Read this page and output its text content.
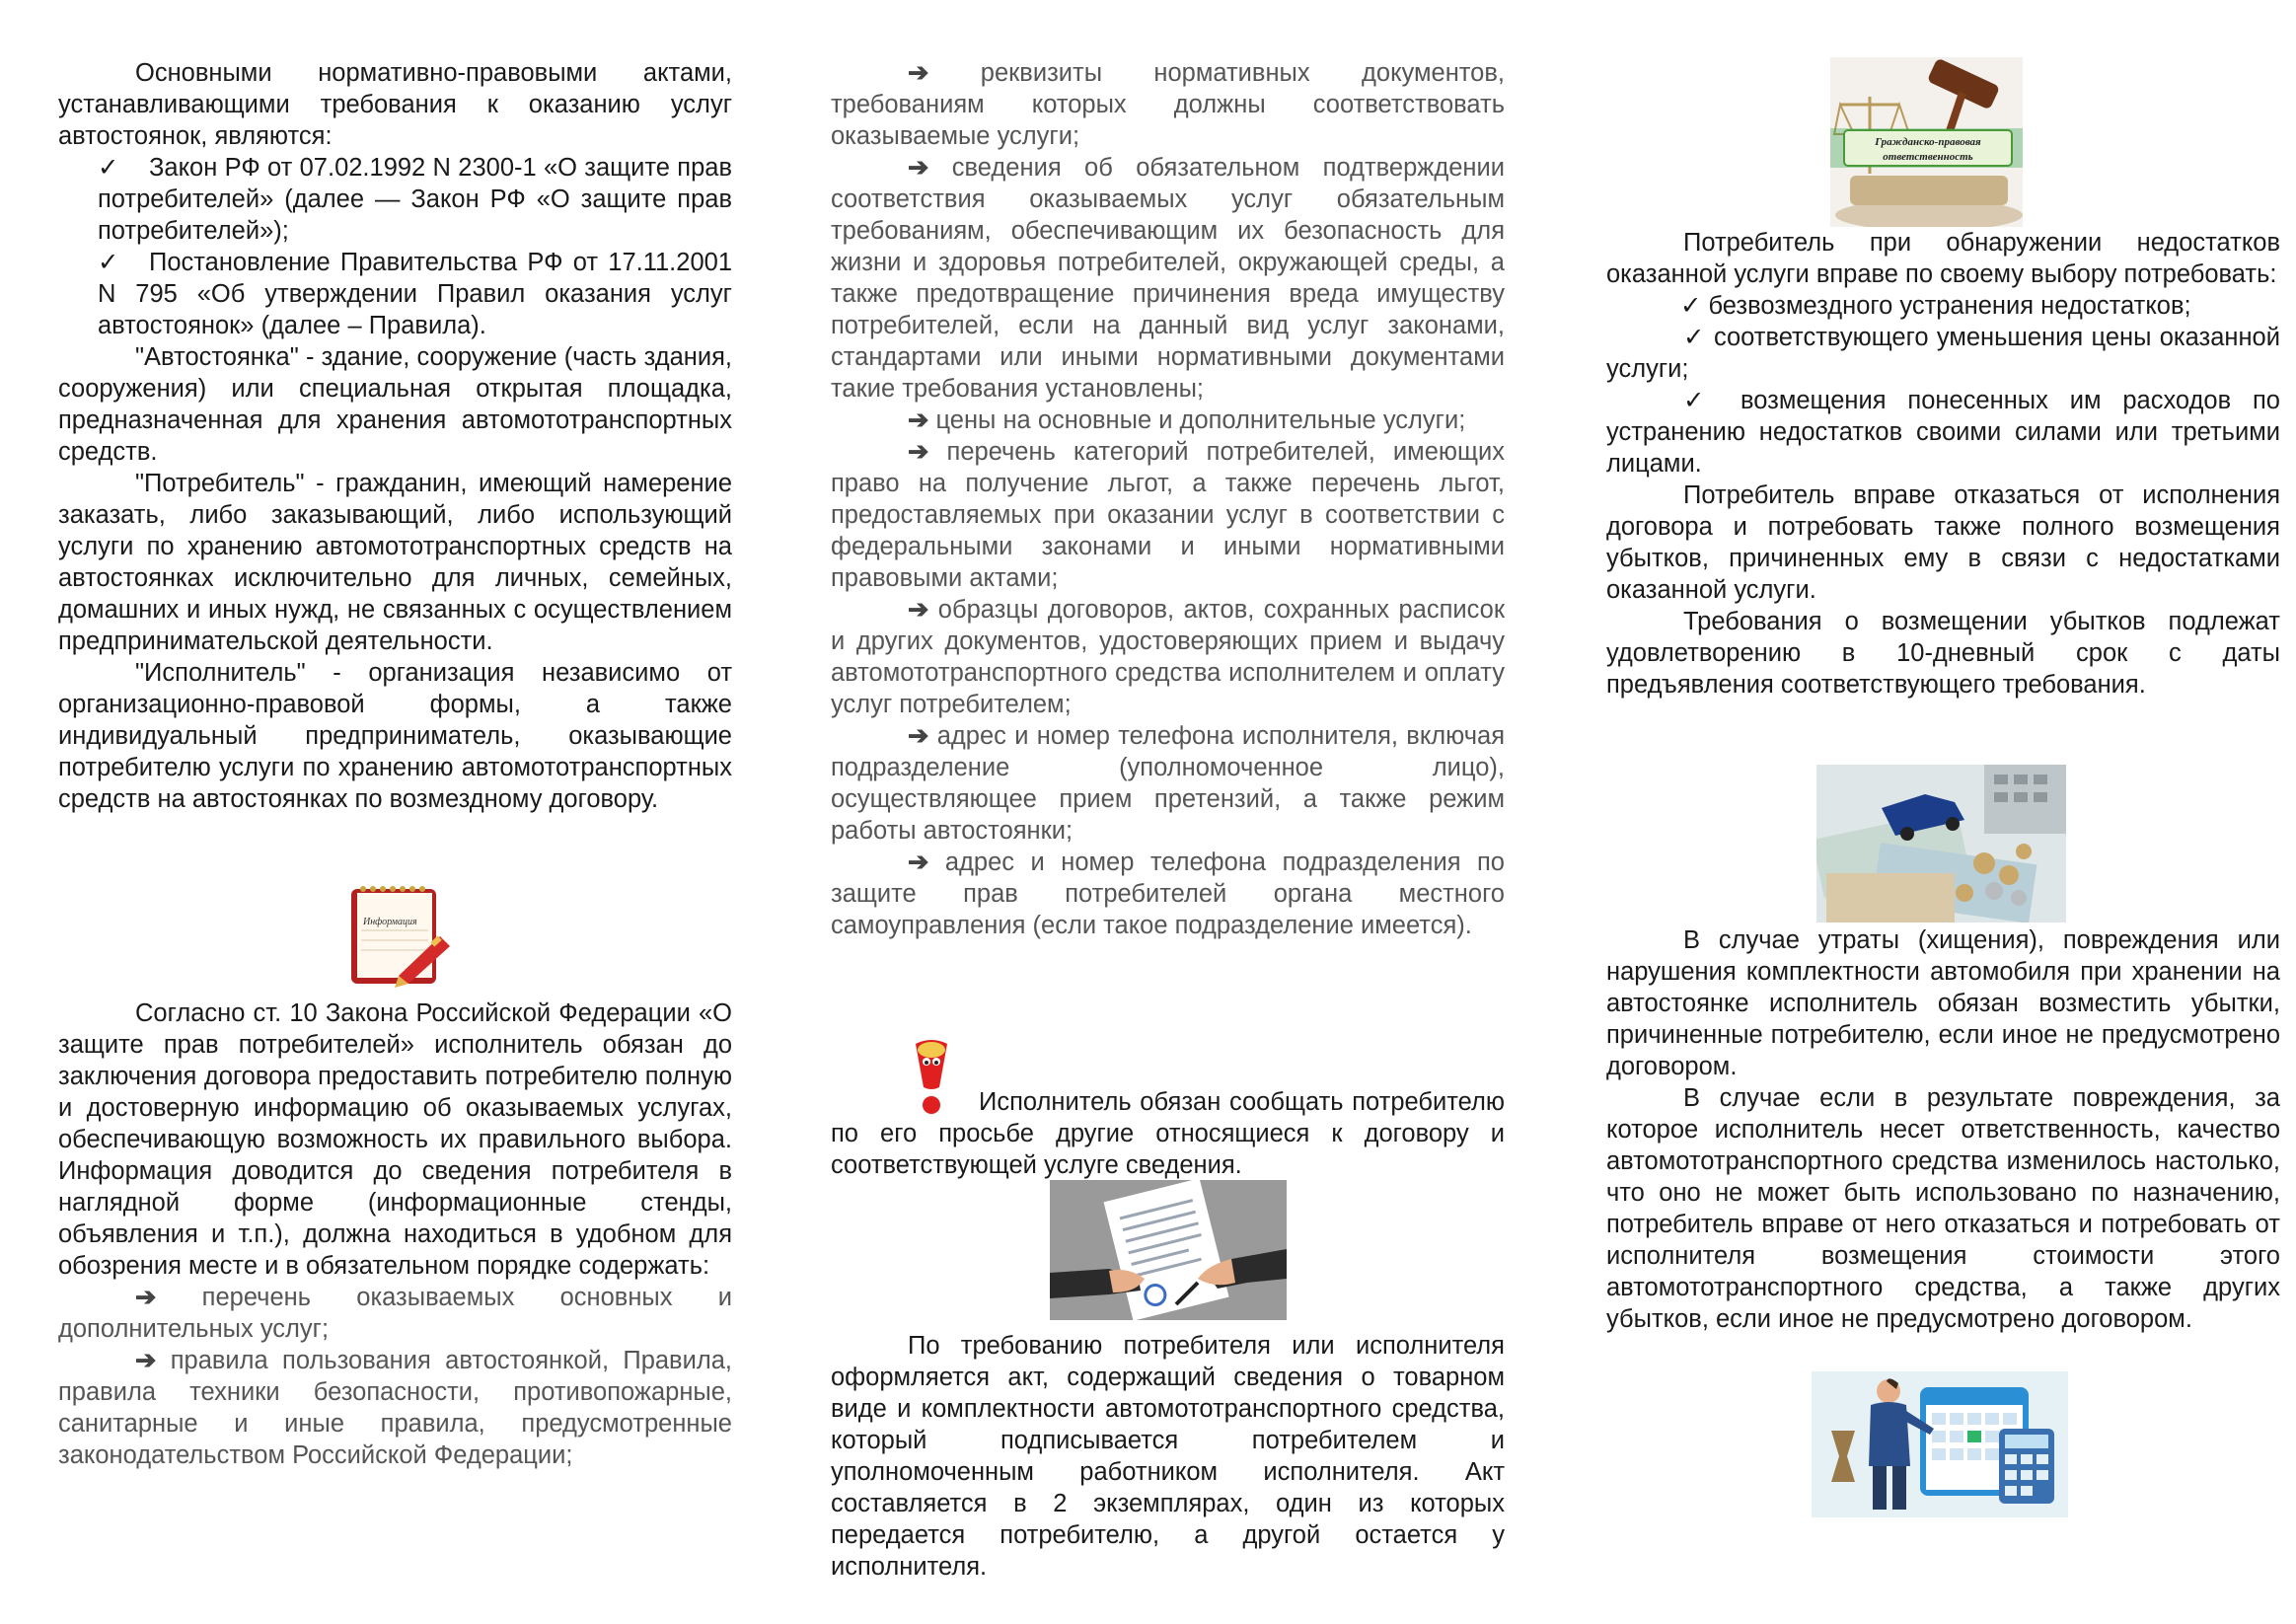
Основными нормативно-правовыми актами, устанавливающими требования к оказанию услуг автостоянок, являются:

✓ Закон РФ от 07.02.1992 N 2300-1 «О защите прав потребителей» (далее — Закон РФ «О защите прав потребителей»);

✓ Постановление Правительства РФ от 17.11.2001 N 795 «Об утверждении Правил оказания услуг автостоянок» (далее – Правила).

"Автостоянка" - здание, сооружение (часть здания, сооружения) или специальная открытая площадка, предназначенная для хранения автомототранспортных средств.

"Потребитель" - гражданин, имеющий намерение заказать, либо заказывающий, либо использующий услуги по хранению автомототранспортных средств на автостоянках исключительно для личных, семейных, домашних и иных нужд, не связанных с осуществлением предпринимательской деятельности.

"Исполнитель" - организация независимо от организационно-правовой формы, а также индивидуальный предприниматель, оказывающие потребителю услуги по хранению автомототранспортных средств на автостоянках по возмездному договору.

Информация

Согласно ст. 10 Закона Российской Федерации «О защите прав потребителей» исполнитель обязан до заключения договора предоставить потребителю полную и достоверную информацию об оказываемых услугах, обеспечивающую возможность их правильного выбора. Информация доводится до сведения потребителя в наглядной форме (информационные стенды, объявления и т.п.), должна находиться в удобном для обозрения месте и в обязательном порядке содержать:

➔ перечень оказываемых основных и дополнительных услуг;

➔ правила пользования автостоянкой, Правила, правила техники безопасности, противопожарные, санитарные и иные правила, предусмотренные законодательством Российской Федерации;

➔ реквизиты нормативных документов, требованиям которых должны соответствовать оказываемые услуги;

➔ сведения об обязательном подтверждении соответствия оказываемых услуг обязательным требованиям, обеспечивающим их безопасность для жизни и здоровья потребителей, окружающей среды, а также предотвращение причинения вреда имуществу потребителей, если на данный вид услуг законами, стандартами или иными нормативными документами такие требования установлены;

➔ цены на основные и дополнительные услуги;

➔ перечень категорий потребителей, имеющих право на получение льгот, а также перечень льгот, предоставляемых при оказании услуг в соответствии с федеральными законами и иными нормативными правовыми актами;

➔ образцы договоров, актов, сохранных расписок и других документов, удостоверяющих прием и выдачу автомототранспортного средства исполнителем и оплату услуг потребителем;

➔ адрес и номер телефона исполнителя, включая подразделение (уполномоченное лицо), осуществляющее прием претензий, а также режим работы автостоянки;

➔ адрес и номер телефона подразделения по защите прав потребителей органа местного самоуправления (если такое подразделение имеется).

Исполнитель обязан сообщать потребителю по его просьбе другие относящиеся к договору и соответствующей услуге сведения.

По требованию потребителя или исполнителя оформляется акт, содержащий сведения о товарном виде и комплектности автомототранспортного средства, который подписывается потребителем и уполномоченным работником исполнителя. Акт составляется в 2 экземплярах, один из которых передается потребителю, а другой остается у исполнителя.

Гражданско-правовая
ответственность

Потребитель при обнаружении недостатков оказанной услуги вправе по своему выбору потребовать:

✓ безвозмездного устранения недостатков;

✓ соответствующего уменьшения цены оказанной услуги;

✓ возмещения понесенных им расходов по устранению недостатков своими силами или третьими лицами.

Потребитель вправе отказаться от исполнения договора и потребовать также полного возмещения убытков, причиненных ему в связи с недостатками оказанной услуги.

Требования о возмещении убытков подлежат удовлетворению в 10-дневный срок с даты предъявления соответствующего требования.

В случае утраты (хищения), повреждения или нарушения комплектности автомобиля при хранении на автостоянке исполнитель обязан возместить убытки, причиненные потребителю, если иное не предусмотрено договором.

В случае если в результате повреждения, за которое исполнитель несет ответственность, качество автомототранспортного средства изменилось настолько, что оно не может быть использовано по назначению, потребитель вправе от него отказаться и потребовать от исполнителя возмещения стоимости этого автомототранспортного средства, а также других убытков, если иное не предусмотрено договором.
